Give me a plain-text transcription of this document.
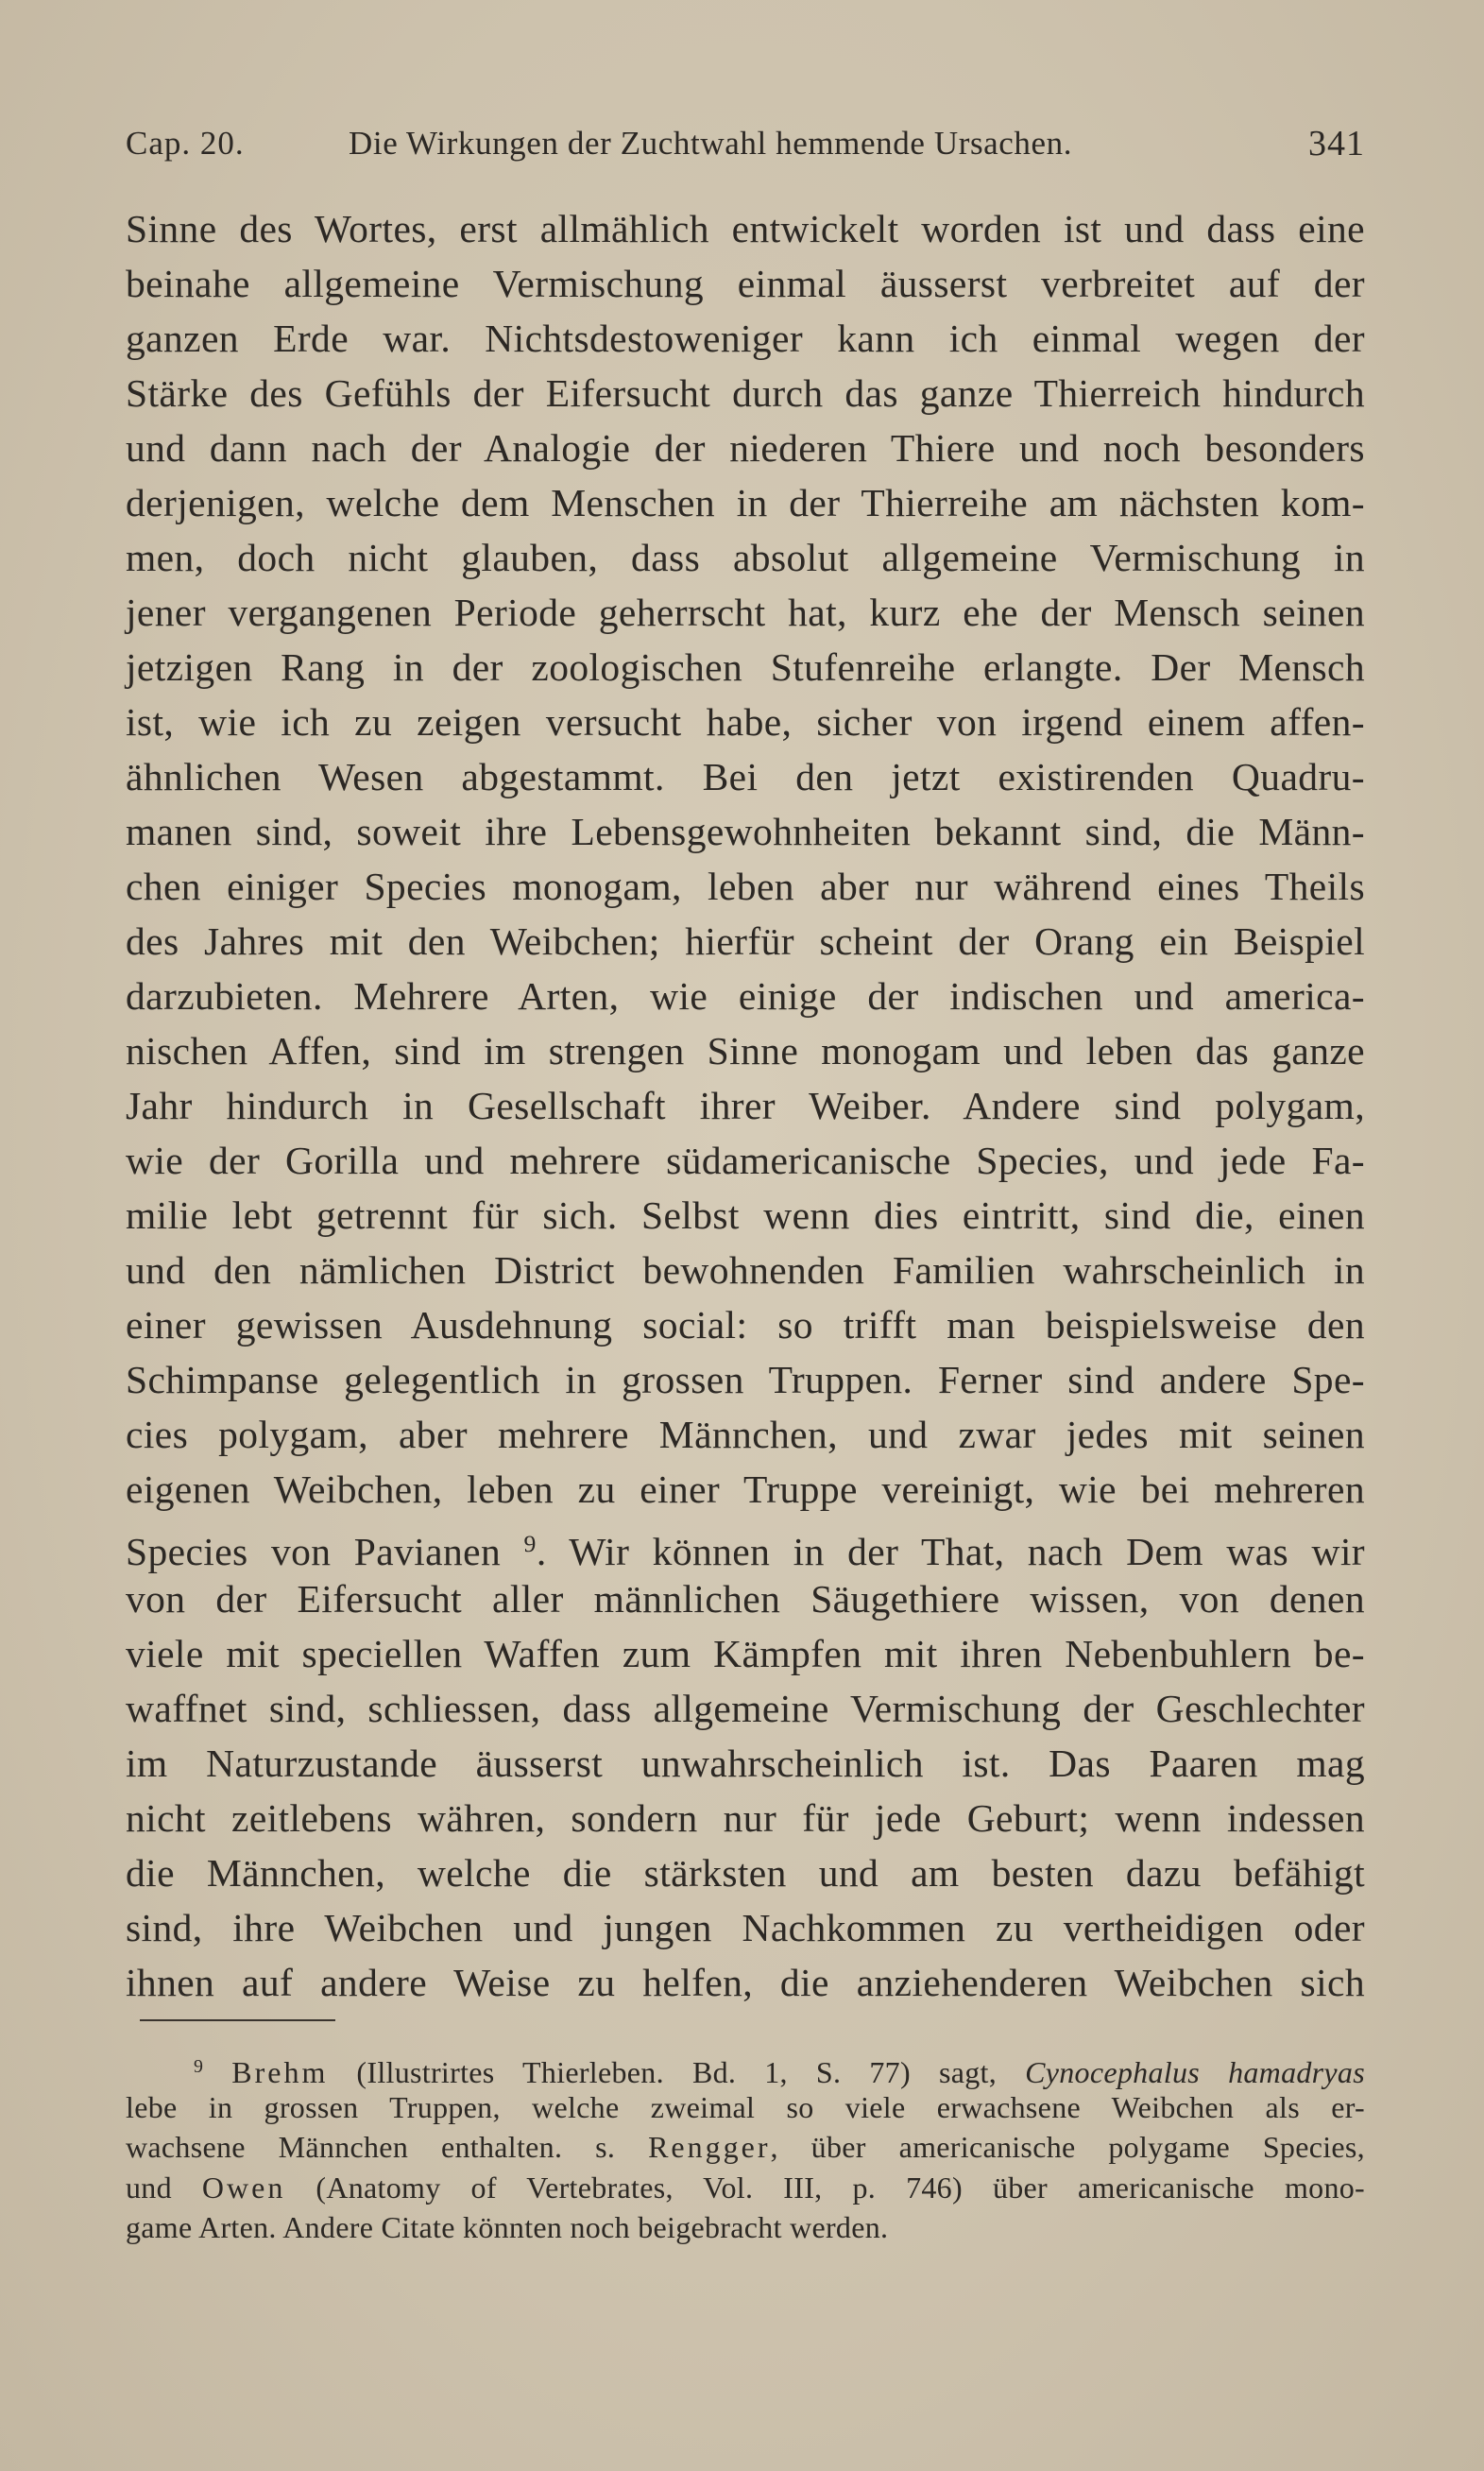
Cap. 20.	Die Wirkungen der Zuchtwahl hemmende Ursachen.	341
Sinne des Wortes, erst allmählich entwickelt worden ist und dass eine
beinahe allgemeine Vermischung einmal äusserst verbreitet auf der
ganzen Erde war. Nichtsdestoweniger kann ich einmal wegen der
Stärke des Gefühls der Eifersucht durch das ganze Thierreich hindurch
und dann nach der Analogie der niederen Thiere und noch besonders
derjenigen, welche dem Menschen in der Thierreihe am nächsten kom-
men, doch nicht glauben, dass absolut allgemeine Vermischung in
jener vergangenen Periode geherrscht hat, kurz ehe der Mensch seinen
jetzigen Rang in der zoologischen Stufenreihe erlangte. Der Mensch
ist, wie ich zu zeigen versucht habe, sicher von irgend einem affen-
ähnlichen Wesen abgestammt. Bei den jetzt existirenden Quadru-
manen sind, soweit ihre Lebensgewohnheiten bekannt sind, die Männ-
chen einiger Species monogam, leben aber nur während eines Theils
des Jahres mit den Weibchen; hierfür scheint der Orang ein Beispiel
darzubieten. Mehrere Arten, wie einige der indischen und america-
nischen Affen, sind im strengen Sinne monogam und leben das ganze
Jahr hindurch in Gesellschaft ihrer Weiber. Andere sind polygam,
wie der Gorilla und mehrere südamericanische Species, und jede Fa-
milie lebt getrennt für sich. Selbst wenn dies eintritt, sind die, einen
und den nämlichen District bewohnenden Familien wahrscheinlich in
einer gewissen Ausdehnung social: so trifft man beispielsweise den
Schimpanse gelegentlich in grossen Truppen. Ferner sind andere Spe-
cies polygam, aber mehrere Männchen, und zwar jedes mit seinen
eigenen Weibchen, leben zu einer Truppe vereinigt, wie bei mehreren
Species von Pavianen $^9$. Wir können in der That, nach Dem was wir
von der Eifersucht aller männlichen Säugethiere wissen, von denen
viele mit speciellen Waffen zum Kämpfen mit ihren Nebenbuhlern be-
waffnet sind, schliessen, dass allgemeine Vermischung der Geschlechter
im Naturzustande äusserst unwahrscheinlich ist. Das Paaren mag
nicht zeitlebens währen, sondern nur für jede Geburt; wenn indessen
die Männchen, welche die stärksten und am besten dazu befähigt
sind, ihre Weibchen und jungen Nachkommen zu vertheidigen oder
ihnen auf andere Weise zu helfen, die anziehenderen Weibchen sich
$^9$ Brehm (Illustrirtes Thierleben. Bd. 1, S. 77) sagt, Cynocephalus hamadryas
lebe in grossen Truppen, welche zweimal so viele erwachsene Weibchen als er-
wachsene Männchen enthalten. s. Rengger, über americanische polygame Species,
und Owen (Anatomy of Vertebrates, Vol. III, p. 746) über americanische mono-
game Arten. Andere Citate könnten noch beigebracht werden.
